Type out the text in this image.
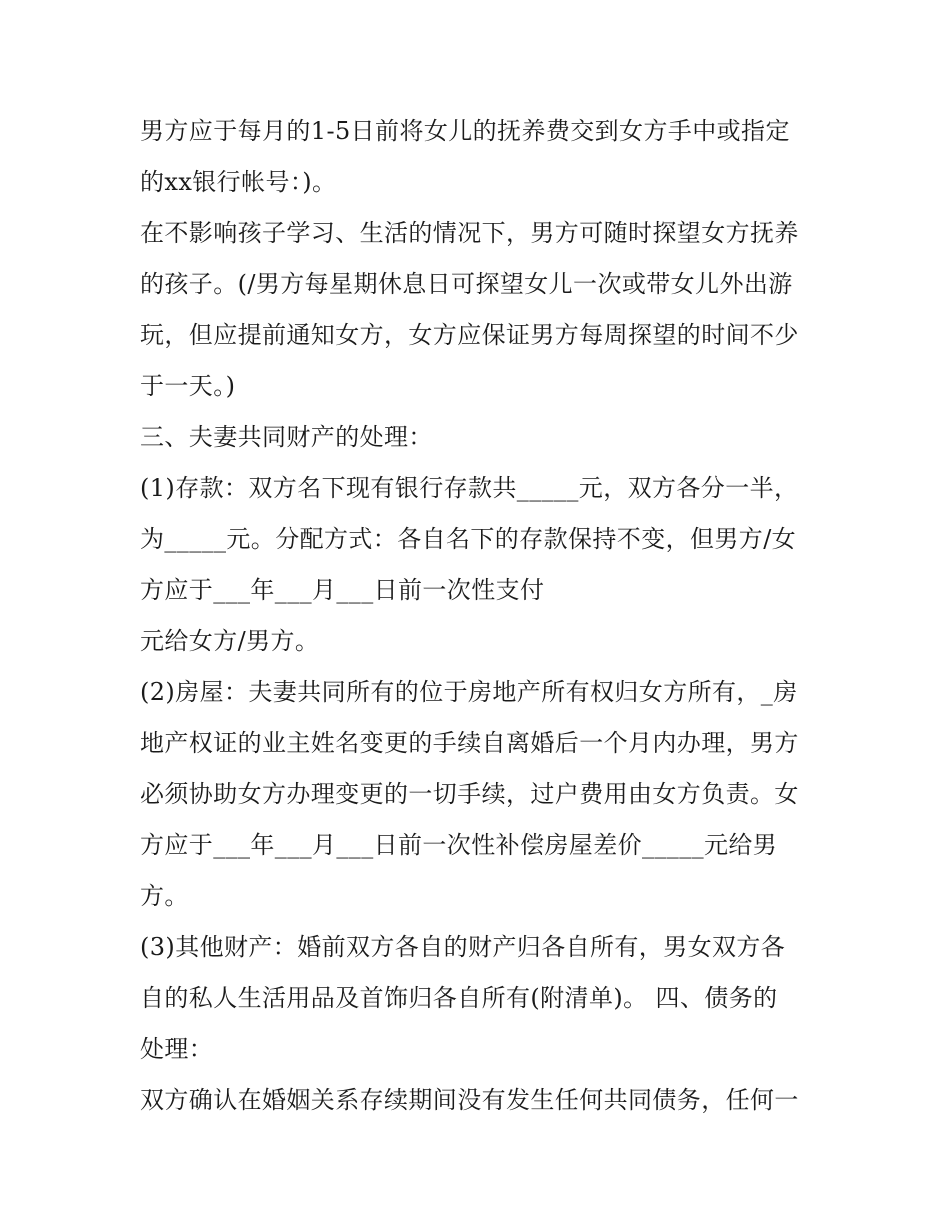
男方应于每月的1-5日前将女儿的抚养费交到女方手中或指定
的xx银行帐号：)。
在不影响孩子学习、生活的情况下，男方可随时探望女方抚养
的孩子。(/男方每星期休息日可探望女儿一次或带女儿外出游
玩，但应提前通知女方，女方应保证男方每周探望的时间不少
于一天。)
三、夫妻共同财产的处理：
(1)存款：双方名下现有银行存款共_____元，双方各分一半，
为_____元。分配方式：各自名下的存款保持不变，但男方/女
方应于___年___月___日前一次性支付
元给女方/男方。
(2)房屋：夫妻共同所有的位于房地产所有权归女方所有，_房
地产权证的业主姓名变更的手续自离婚后一个月内办理，男方
必须协助女方办理变更的一切手续，过户费用由女方负责。女
方应于___年___月___日前一次性补偿房屋差价_____元给男
方。
(3)其他财产：婚前双方各自的财产归各自所有，男女双方各
自的私人生活用品及首饰归各自所有(附清单)。 四、债务的
处理：
双方确认在婚姻关系存续期间没有发生任何共同债务，任何一
